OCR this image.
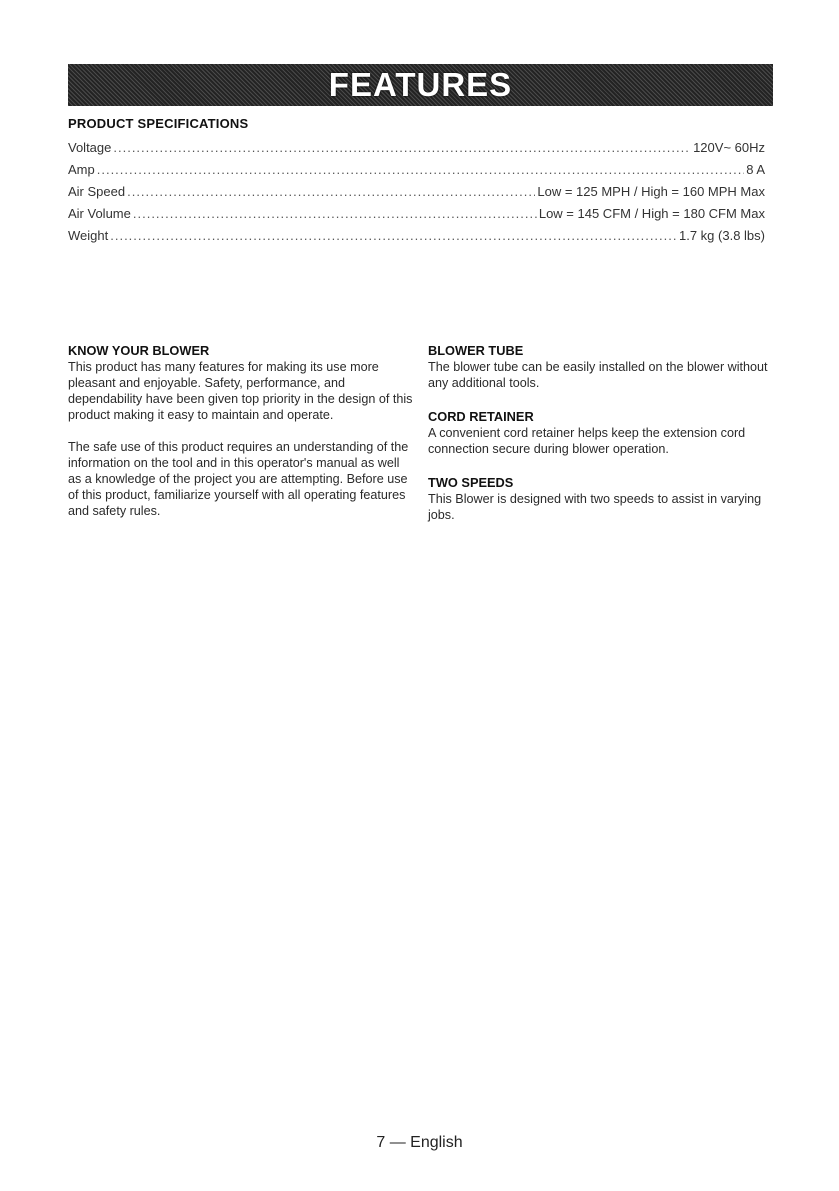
FEATURES
PRODUCT SPECIFICATIONS
Voltage .....	120V~ 60Hz
Amp .....	8 A
Air Speed .....	Low = 125 MPH / High = 160 MPH Max
Air Volume .....	Low = 145 CFM / High = 180 CFM Max
Weight .....	1.7 kg (3.8 lbs)
KNOW YOUR BLOWER

This product has many features for making its use more pleasant and enjoyable. Safety, performance, and dependability have been given top priority in the design of this product making it easy to maintain and operate.

The safe use of this product requires an understanding of the information on the tool and in this operator's manual as well as a knowledge of the project you are attempting. Before use of this product, familiarize yourself with all operating features and safety rules.

BLOWER TUBE

The blower tube can be easily installed on the blower without any additional tools.

CORD RETAINER

A convenient cord retainer helps keep the extension cord connection secure during blower operation.

TWO SPEEDS

This Blower is designed with two speeds to assist in varying jobs.

7 — English
